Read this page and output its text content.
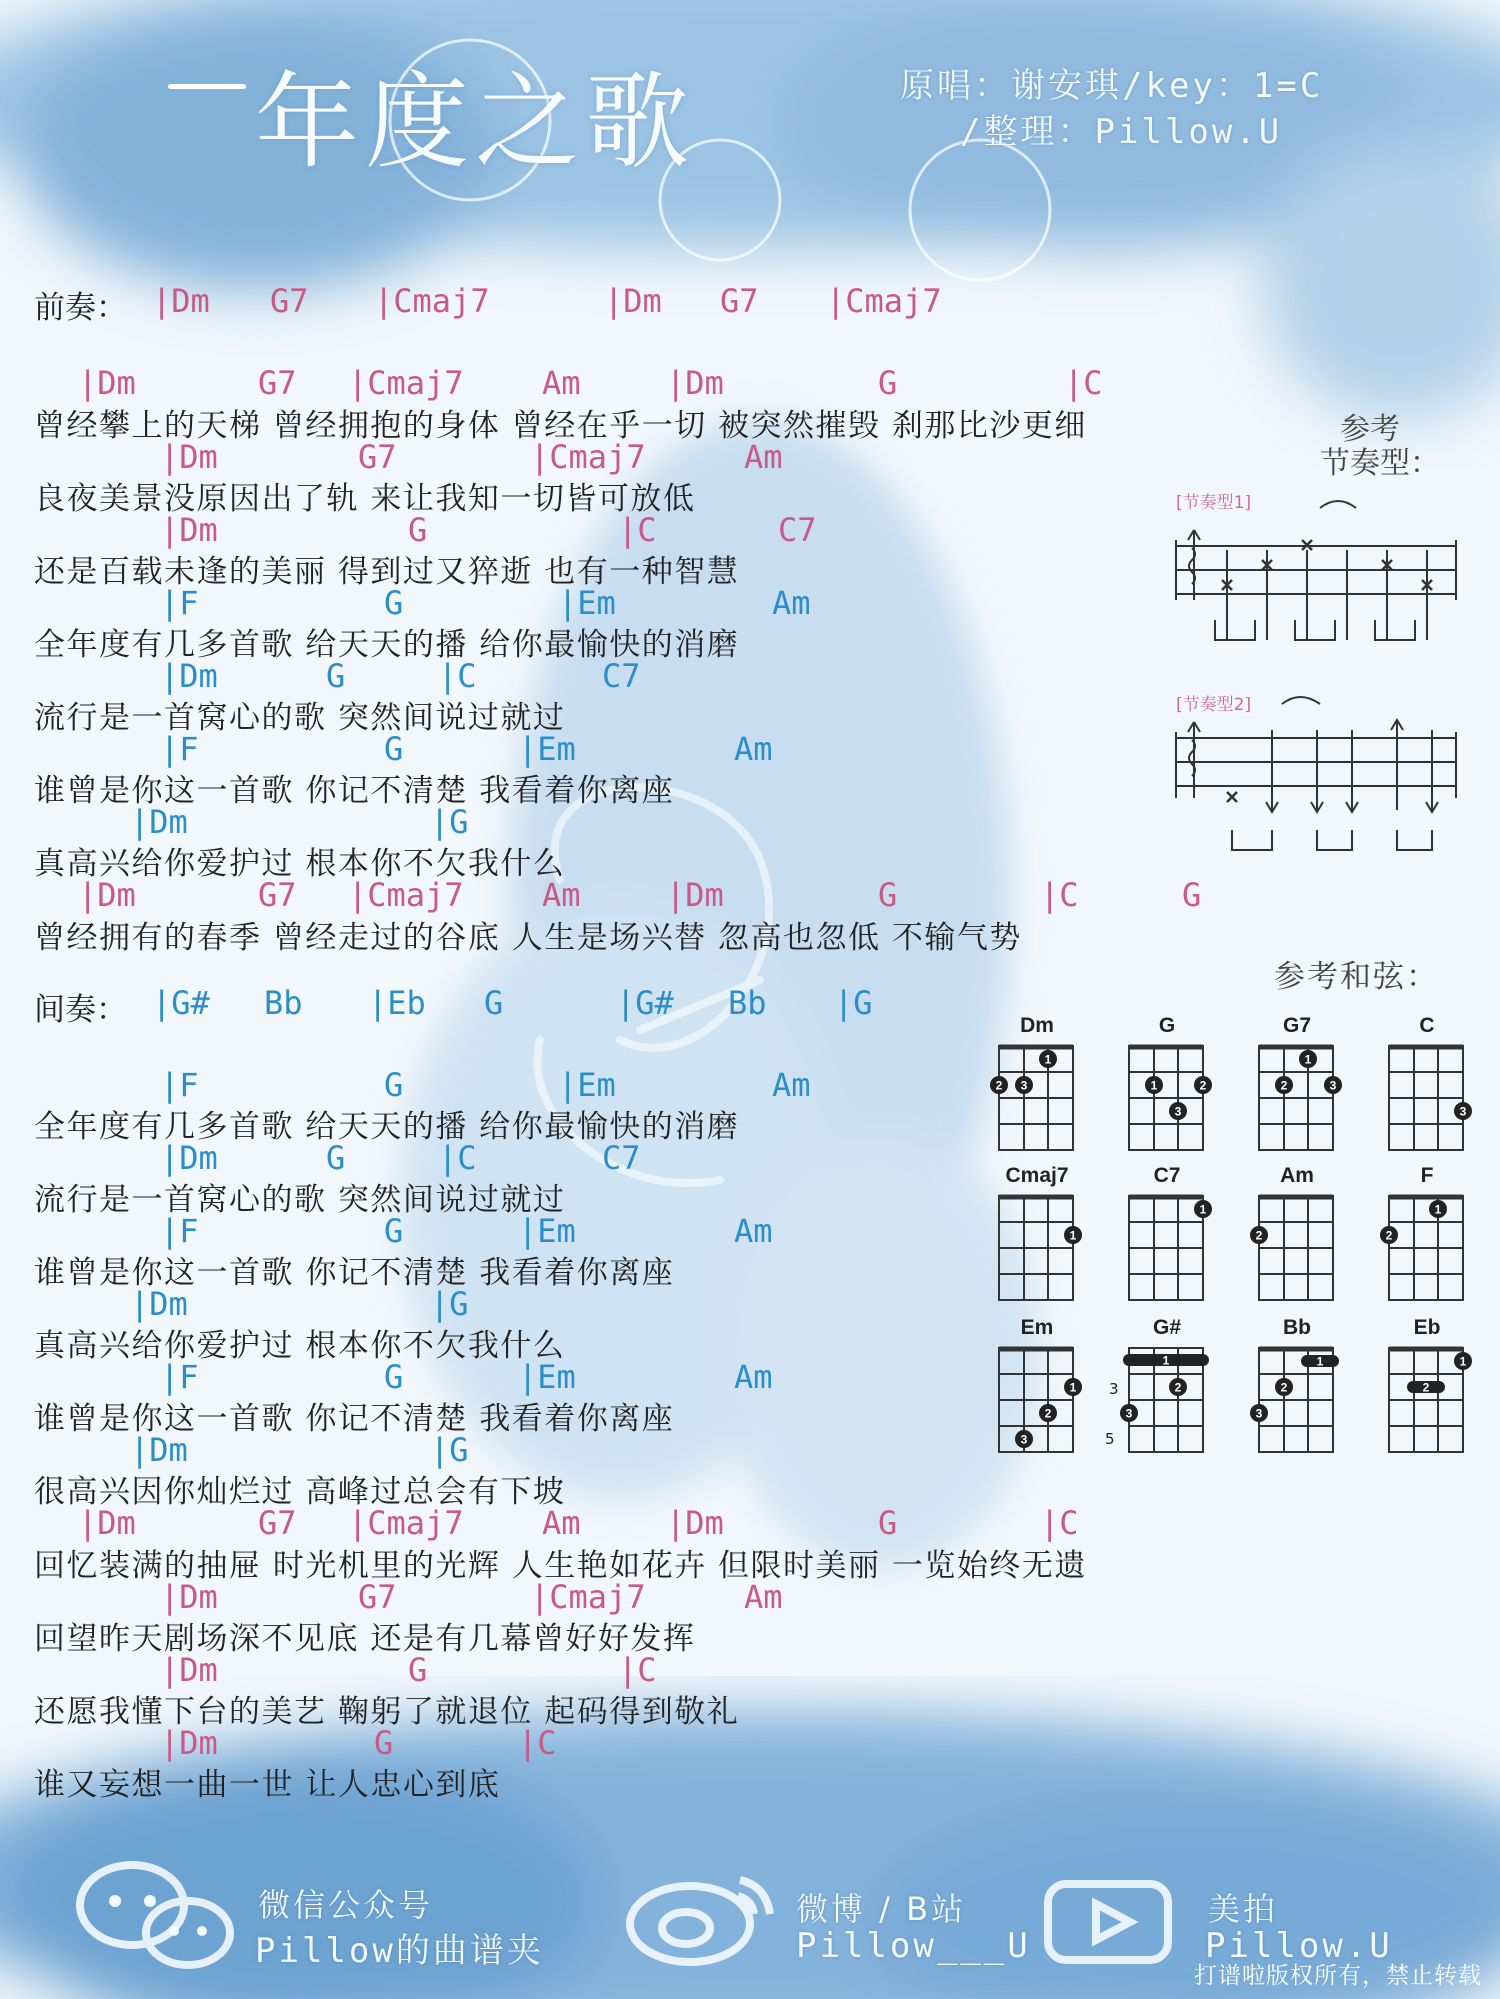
年度之歌	原唱：谢安琪/key：1=C
/整理：Pillow.U
前奏： |Dm G7 |Cmaj7	|Dm G7 |Cmaj7
|Dm	G7 |Cmaj7 Am	|Dm	G	|C
曾经攀上的天梯 曾经拥抱的身体 曾经在乎一切 被突然摧毁 刹那比沙更细
|Dm	G7	|Cmaj7	Am
良夜美景没原因出了轨 来让我知一切皆可放低
|Dm	G	|C	C7
还是百载未逢的美丽 得到过又猝逝 也有一种智慧
|F	G	|Em	Am
全年度有几多首歌 给天天的播 给你最愉快的消磨
|Dm	G	|C	C7
流行是一首窝心的歌 突然间说过就过
|F	G	|Em	Am
谁曾是你这一首歌 你记不清楚 我看着你离座
|Dm	|G
真高兴给你爱护过 根本你不欠我什么
|Dm	G7 |Cmaj7 Am	|Dm	G	|C	G
曾经拥有的春季 曾经走过的谷底 人生是场兴替 忽高也忽低 不输气势
间奏： |G# Bb |Eb G	|G# Bb |G
|F	G	|Em	Am
全年度有几多首歌 给天天的播 给你最愉快的消磨
|Dm	G	|C	C7
流行是一首窝心的歌 突然间说过就过
|F	G	|Em	Am
谁曾是你这一首歌 你记不清楚 我看着你离座
|Dm	|G
真高兴给你爱护过 根本你不欠我什么
|F	G	|Em	Am
谁曾是你这一首歌 你记不清楚 我看着你离座
|Dm	|G
很高兴因你灿烂过 高峰过总会有下坡
|Dm	G7 |Cmaj7 Am	|Dm	G	|C
回忆装满的抽屉 时光机里的光辉 人生艳如花卉 但限时美丽 一览始终无遗
|Dm	G7	|Cmaj7	Am
回望昨天剧场深不见底 还是有几幕曾好好发挥
|Dm	G	|C
还愿我懂下台的美艺 鞠躬了就退位 起码得到敬礼
|Dm	G	|C
谁又妄想一曲一世 让人忠心到底
参考
节奏型：
[节奏型1]
[节奏型2]
参考和弦：
Dm
1
2 3
G
1	2
3
G7
1
2	3
C
3
Cmaj7
1
C7
1
Am
2
F
1
2
Em
1
2
3
G#
3
5
1
2
3
Bb
1
2
3
Eb
1
2
微信公众号
Pillow的曲谱夹
微博 / B站
Pillow___U
美拍
Pillow.U
打谱啦版权所有，禁止转载
